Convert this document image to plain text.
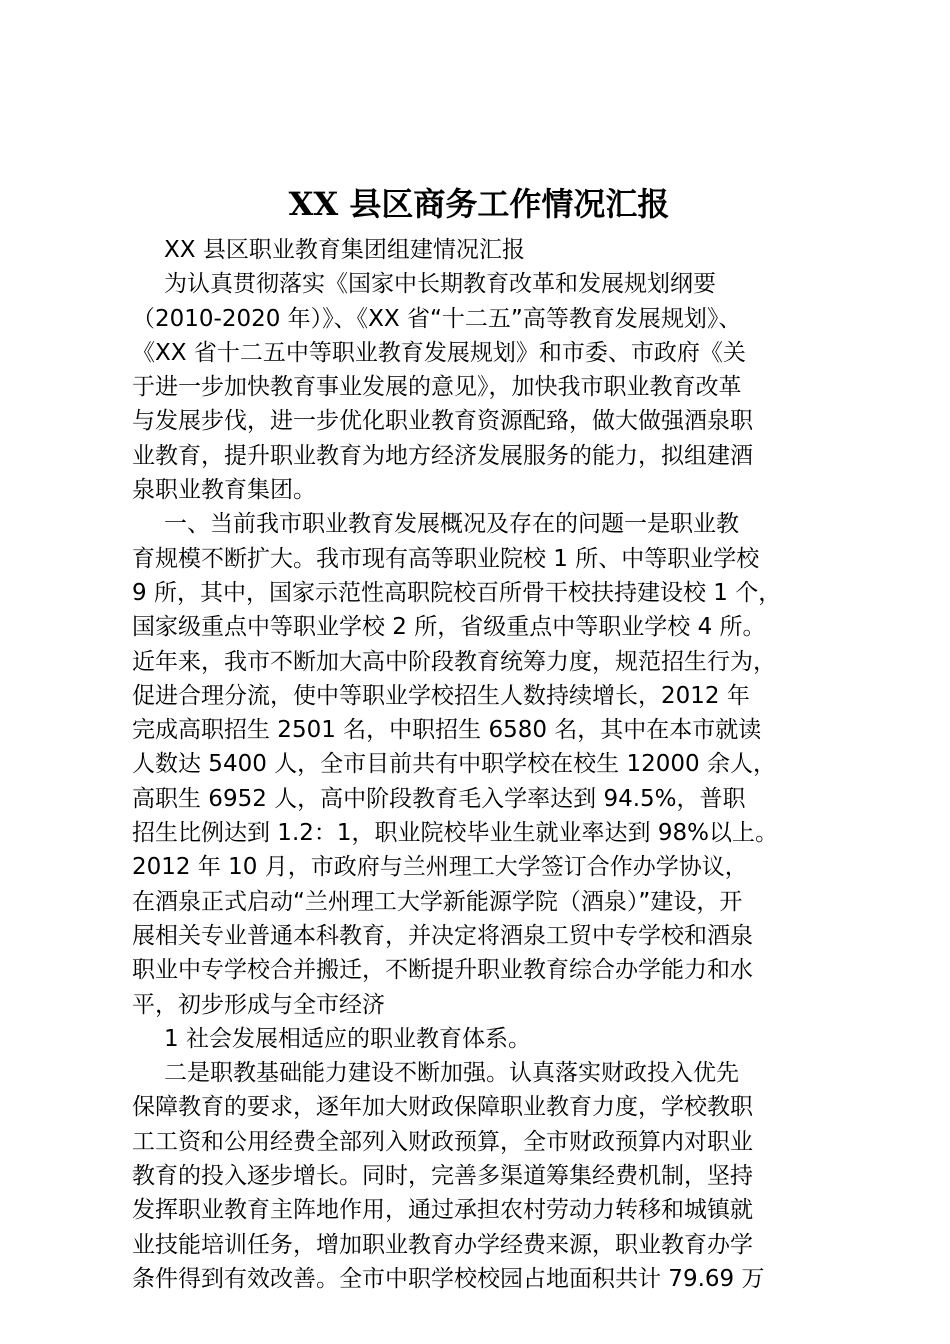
XX 县区商务工作情况汇报
XX 县区职业教育集团组建情况汇报
为认真贯彻落实《国家中长期教育改革和发展规划纲要
（2010-2020 年）》、《XX 省“十二五”高等教育发展规划》、
《XX 省十二五中等职业教育发展规划》和市委、市政府《关
于进一步加快教育事业发展的意见》，加快我市职业教育改革
与发展步伐，进一步优化职业教育资源配臵，做大做强酒泉职
业教育，提升职业教育为地方经济发展服务的能力，拟组建酒
泉职业教育集团。
一、当前我市职业教育发展概况及存在的问题一是职业教
育规模不断扩大。我市现有高等职业院校 1 所、中等职业学校
9 所，其中，国家示范性高职院校百所骨干校扶持建设校 1 个，
国家级重点中等职业学校 2 所，省级重点中等职业学校 4 所。
近年来，我市不断加大高中阶段教育统筹力度，规范招生行为，
促进合理分流，使中等职业学校招生人数持续增长，2012 年
完成高职招生 2501 名，中职招生 6580 名，其中在本市就读
人数达 5400 人，全市目前共有中职学校在校生 12000 余人，
高职生 6952 人，高中阶段教育毛入学率达到 94.5%，普职
招生比例达到 1.2：1，职业院校毕业生就业率达到 98%以上。
2012 年 10 月，市政府与兰州理工大学签订合作办学协议，
在酒泉正式启动“兰州理工大学新能源学院（酒泉）”建设，开
展相关专业普通本科教育，并决定将酒泉工贸中专学校和酒泉
职业中专学校合并搬迁，不断提升职业教育综合办学能力和水
平，初步形成与全市经济
1 社会发展相适应的职业教育体系。
二是职教基础能力建设不断加强。认真落实财政投入优先
保障教育的要求，逐年加大财政保障职业教育力度，学校教职
工工资和公用经费全部列入财政预算，全市财政预算内对职业
教育的投入逐步增长。同时，完善多渠道筹集经费机制，坚持
发挥职业教育主阵地作用，通过承担农村劳动力转移和城镇就
业技能培训任务，增加职业教育办学经费来源，职业教育办学
条件得到有效改善。全市中职学校校园占地面积共计 79.69 万
